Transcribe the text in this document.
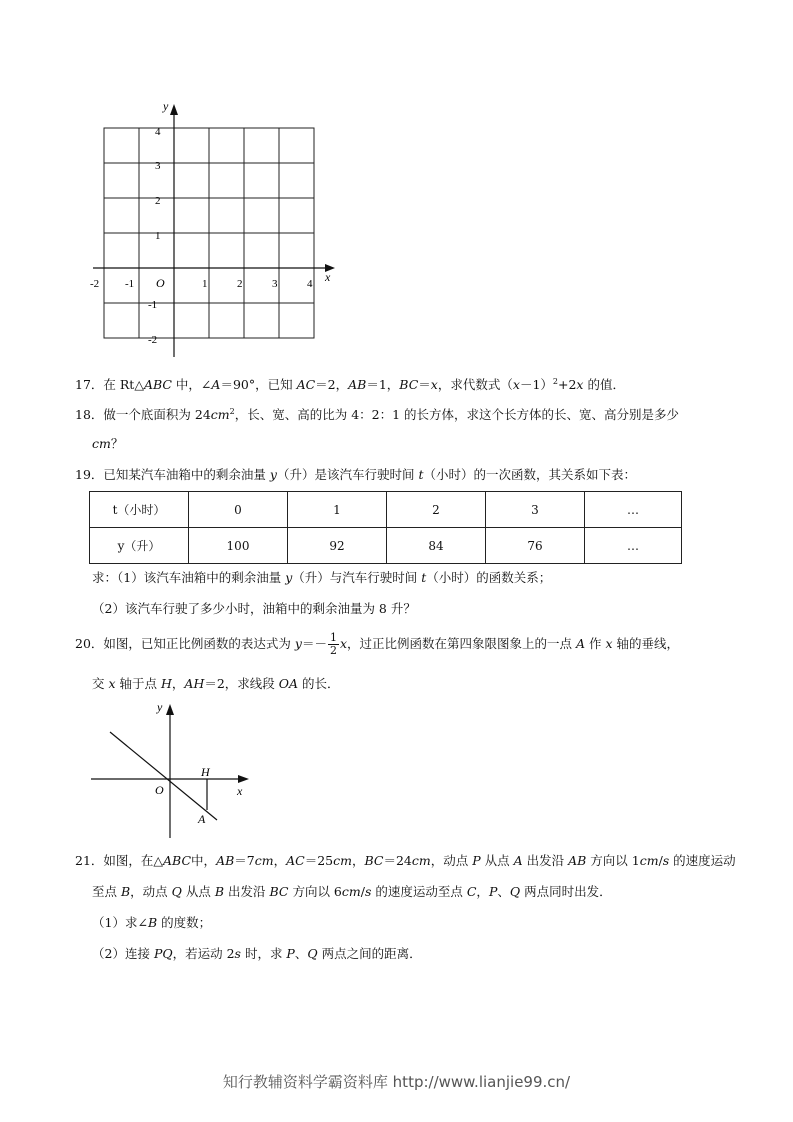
y
x
O
-2 -1	1	2	3	4
4
3
2
1
-1
-2
17．在 Rt△ABC 中，∠A＝90°，已知 AC＝2，AB＝1，BC＝x，求代数式$(x-1)^2+2x$ 的值．
18．做一个底面积为 $24cm^2$，长、宽、高的比为 4：2：1 的长方体，求这个长方体的长、宽、高分别是多少
cm？
19．已知某汽车油箱中的剩余油量 y（升）是该汽车行驶时间 t（小时）的一次函数，其关系如下表：
t（小时）	0	1	2	3	…
y（升）	100	92	84	76	…
求：（1）该汽车油箱中的剩余油量 y（升）与汽车行驶时间 t（小时）的函数关系；
（2）该汽车行驶了多少小时，油箱中的剩余油量为 8 升？
20．如图，已知正比例函数的表达式为 $y=- \frac{1}{2}$ x，过正比例函数在第四象限图象上的一点 A 作 x 轴的垂线，
交 x 轴于点 H，AH＝2，求线段 OA 的长．
y
x
O
H
A
21．如图，在△ABC中，AB＝7cm，AC＝25cm，BC＝24cm，动点 P 从点 A 出发沿 AB 方向以 1cm/s 的速度运动
至点 B，动点 Q 从点 B 出发沿 BC 方向以 6cm/s 的速度运动至点 C，P、Q 两点同时出发．
（1）求∠B 的度数；
（2）连接 PQ，若运动 2s 时，求 P、Q 两点之间的距离．
知行教辅资料学霸资料库 http://www.lianjie99.cn/
